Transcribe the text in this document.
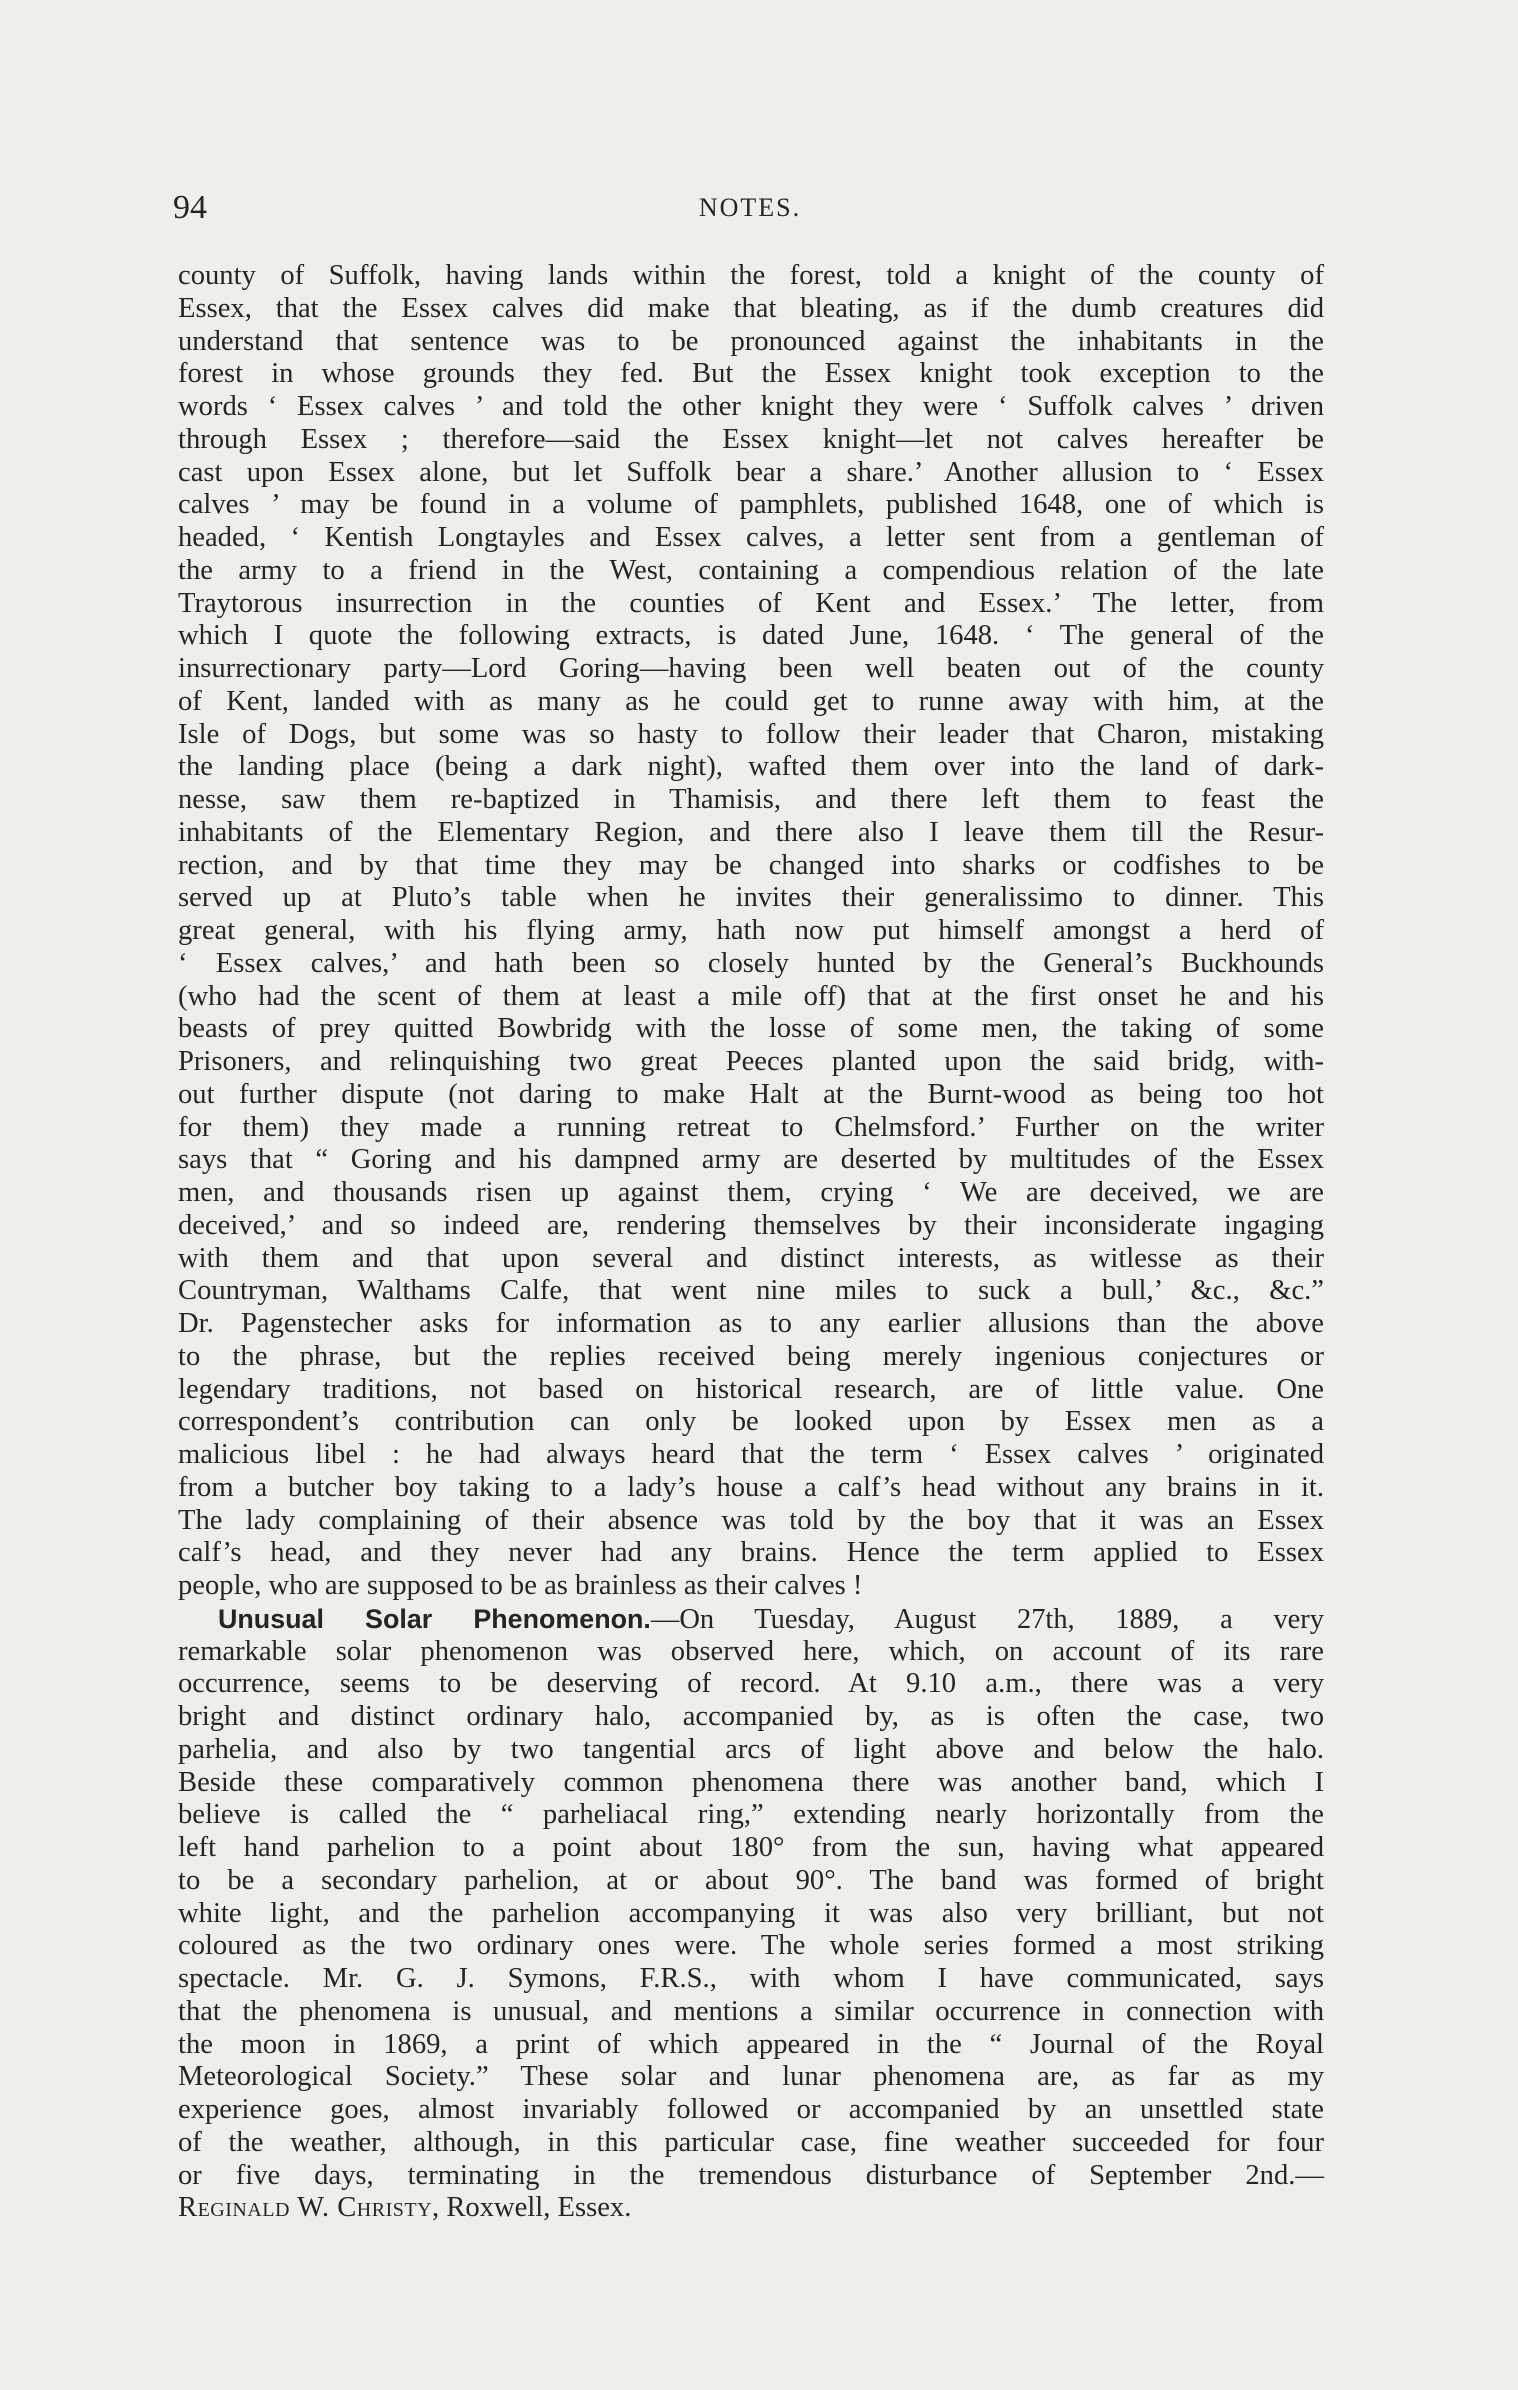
94	NOTES.
county of Suffolk, having lands within the forest, told a knight of the county of
Essex, that the Essex calves did make that bleating, as if the dumb creatures did
understand that sentence was to be pronounced against the inhabitants in the
forest in whose grounds they fed. But the Essex knight took exception to the
words ‘ Essex calves ’ and told the other knight they were ‘ Suffolk calves ’ driven
through Essex ; therefore—said the Essex knight—let not calves hereafter be
cast upon Essex alone, but let Suffolk bear a share.’ Another allusion to ‘ Essex
calves ’ may be found in a volume of pamphlets, published 1648, one of which is
headed, ‘ Kentish Longtayles and Essex calves, a letter sent from a gentleman of
the army to a friend in the West, containing a compendious relation of the late
Traytorous insurrection in the counties of Kent and Essex.’ The letter, from
which I quote the following extracts, is dated June, 1648. ‘ The general of the
insurrectionary party—Lord Goring—having been well beaten out of the county
of Kent, landed with as many as he could get to runne away with him, at the
Isle of Dogs, but some was so hasty to follow their leader that Charon, mistaking
the landing place (being a dark night), wafted them over into the land of dark-
nesse, saw them re-baptized in Thamisis, and there left them to feast the
inhabitants of the Elementary Region, and there also I leave them till the Resur-
rection, and by that time they may be changed into sharks or codfishes to be
served up at Pluto’s table when he invites their generalissimo to dinner. This
great general, with his flying army, hath now put himself amongst a herd of
‘ Essex calves,’ and hath been so closely hunted by the General’s Buckhounds
(who had the scent of them at least a mile off) that at the first onset he and his
beasts of prey quitted Bowbridg with the losse of some men, the taking of some
Prisoners, and relinquishing two great Peeces planted upon the said bridg, with-
out further dispute (not daring to make Halt at the Burnt-wood as being too hot
for them) they made a running retreat to Chelmsford.’ Further on the writer
says that “ Goring and his dampned army are deserted by multitudes of the Essex
men, and thousands risen up against them, crying ‘ We are deceived, we are
deceived,’ and so indeed are, rendering themselves by their inconsiderate ingaging
with them and that upon several and distinct interests, as witlesse as their
Countryman, Walthams Calfe, that went nine miles to suck a bull,’ &c., &c.”
Dr. Pagenstecher asks for information as to any earlier allusions than the above
to the phrase, but the replies received being merely ingenious conjectures or
legendary traditions, not based on historical research, are of little value. One
correspondent’s contribution can only be looked upon by Essex men as a
malicious libel : he had always heard that the term ‘ Essex calves ’ originated
from a butcher boy taking to a lady’s house a calf’s head without any brains in it.
The lady complaining of their absence was told by the boy that it was an Essex
calf’s head, and they never had any brains. Hence the term applied to Essex
people, who are supposed to be as brainless as their calves !
Unusual Solar Phenomenon.—On Tuesday, August 27th, 1889, a very
remarkable solar phenomenon was observed here, which, on account of its rare
occurrence, seems to be deserving of record. At 9.10 a.m., there was a very
bright and distinct ordinary halo, accompanied by, as is often the case, two
parhelia, and also by two tangential arcs of light above and below the halo.
Beside these comparatively common phenomena there was another band, which I
believe is called the “ parheliacal ring,” extending nearly horizontally from the
left hand parhelion to a point about 180° from the sun, having what appeared
to be a secondary parhelion, at or about 90°. The band was formed of bright
white light, and the parhelion accompanying it was also very brilliant, but not
coloured as the two ordinary ones were. The whole series formed a most striking
spectacle. Mr. G. J. Symons, F.R.S., with whom I have communicated, says
that the phenomena is unusual, and mentions a similar occurrence in connection with
the moon in 1869, a print of which appeared in the “ Journal of the Royal
Meteorological Society.” These solar and lunar phenomena are, as far as my
experience goes, almost invariably followed or accompanied by an unsettled state
of the weather, although, in this particular case, fine weather succeeded for four
or five days, terminating in the tremendous disturbance of September 2nd.—
Reginald W. Christy, Roxwell, Essex.
